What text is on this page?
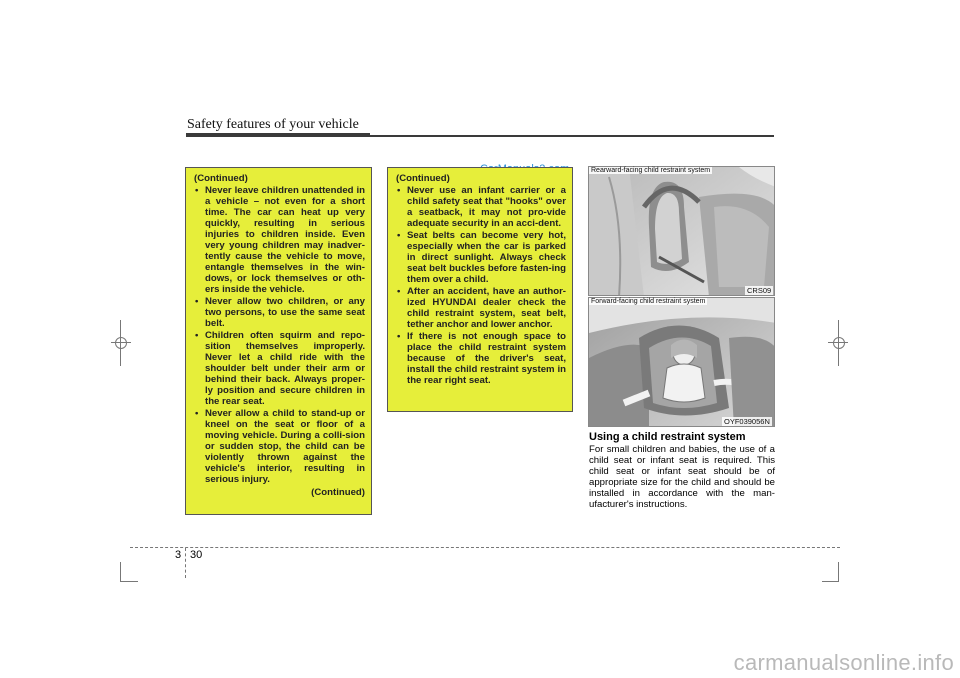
Safety features of your vehicle
(Continued)
• Never leave children unattended in a vehicle – not even for a short time. The car can heat up very quickly, resulting in serious injuries to children inside. Even very young children may inadver-tently cause the vehicle to move, entangle themselves in the win-dows, or lock themselves or oth-ers inside the vehicle.
• Never allow two children, or any two persons, to use the same seat belt.
• Children often squirm and repo-sition themselves improperly. Never let a child ride with the shoulder belt under their arm or behind their back. Always proper-ly position and secure children in the rear seat.
• Never allow a child to stand-up or kneel on the seat or floor of a moving vehicle. During a colli-sion or sudden stop, the child can be violently thrown against the vehicle's interior, resulting in serious injury.
(Continued)
(Continued)
• Never use an infant carrier or a child safety seat that "hooks" over a seatback, it may not pro-vide adequate security in an acci-dent.
• Seat belts can become very hot, especially when the car is parked in direct sunlight. Always check seat belt buckles before fasten-ing them over a child.
• After an accident, have an author-ized HYUNDAI dealer check the child restraint system, seat belt, tether anchor and lower anchor.
• If there is not enough space to place the child restraint system because of the driver's seat, install the child restraint system in the rear right seat.
Rearward-facing child restraint system
CRS09
Forward-facing child restraint system
OYF039056N
Using a child restraint system
For small children and babies, the use of a child seat or infant seat is required. This child seat or infant seat should be of appropriate size for the child and should be installed in accordance with the man-ufacturer's instructions.
3 30
carmanualsonline.info
